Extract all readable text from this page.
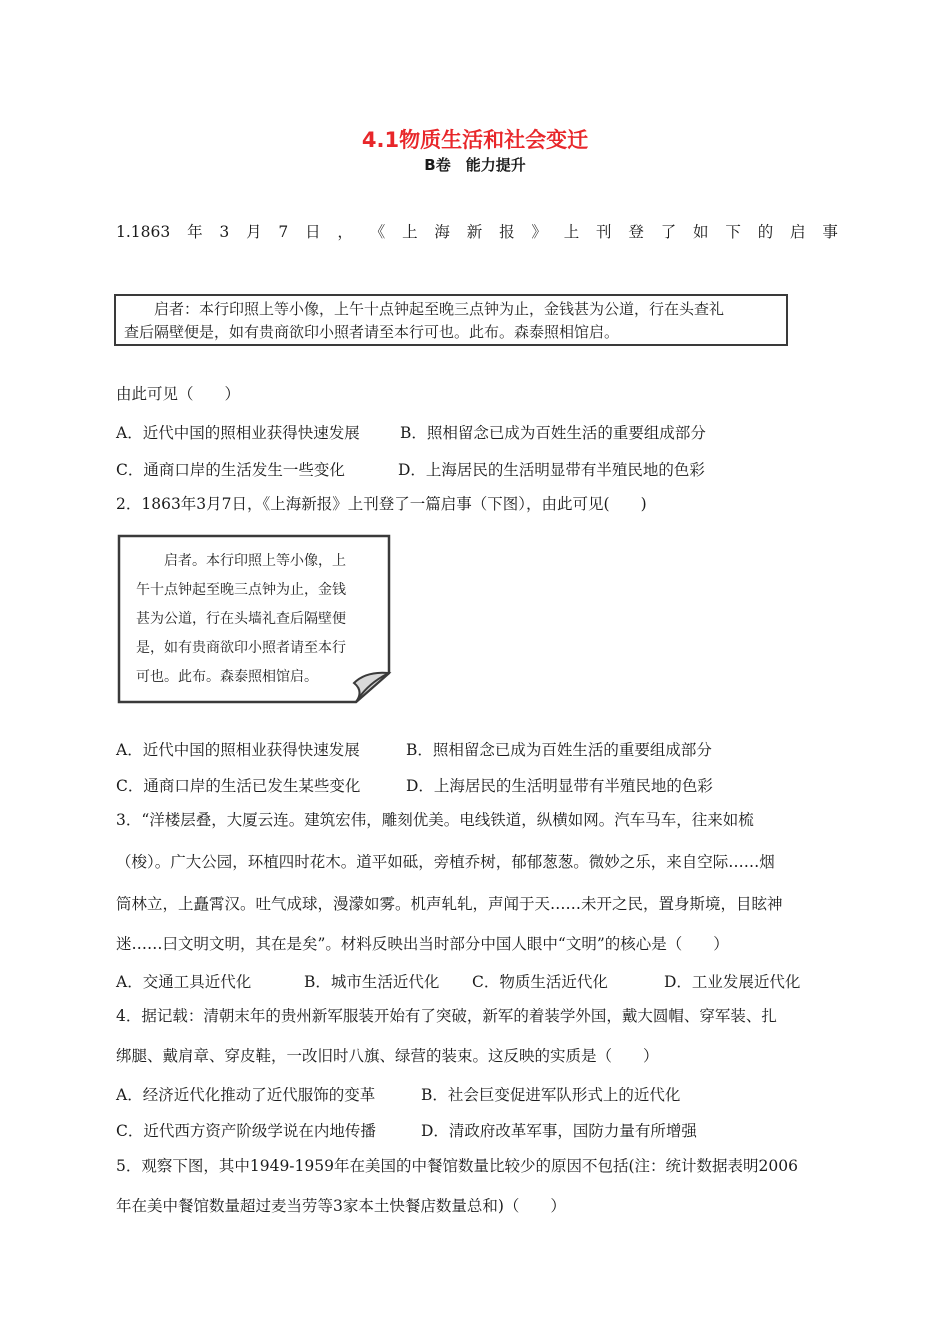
4.1物质生活和社会变迁
B卷　能力提升
1.1863 年 3 月 7 日 ， 《 上 海 新 报 》 上 刊 登 了 如 下 的 启 事
　　启者：本行印照上等小像，上午十点钟起至晚三点钟为止，金钱甚为公道，行在头查礼
查后隔壁便是，如有贵商欲印小照者请至本行可也。此布。森泰照相馆启。
由此可见（　　）
A．近代中国的照相业获得快速发展	B．照相留念已成为百姓生活的重要组成部分
C．通商口岸的生活发生一些变化	D．上海居民的生活明显带有半殖民地的色彩
2．1863年3月7日，《上海新报》上刊登了一篇启事（下图），由此可见(　　)
　　启者。本行印照上等小像，上
午十点钟起至晚三点钟为止，金钱
甚为公道，行在头墙礼查后隔壁便
是，如有贵商欲印小照者请至本行
可也。此布。森泰照相馆启。
A．近代中国的照相业获得快速发展	B．照相留念已成为百姓生活的重要组成部分
C．通商口岸的生活已发生某些变化	D．上海居民的生活明显带有半殖民地的色彩
3．“洋楼层叠，大厦云连。建筑宏伟，雕刻优美。电线铁道，纵横如网。汽车马车，往来如梳
（梭）。广大公园，环植四时花木。道平如砥，旁植乔树，郁郁葱葱。微妙之乐，来自空际……烟
筒林立，上矗霄汉。吐气成球，漫濛如雾。机声轧轧，声闻于天……未开之民，置身斯境，目眩神
迷……曰文明文明，其在是矣”。材料反映出当时部分中国人眼中“文明”的核心是（　　）
A．交通工具近代化	B．城市生活近代化 C．物质生活近代化	D．工业发展近代化
4．据记载：清朝末年的贵州新军服装开始有了突破，新军的着装学外国，戴大圆帽、穿军装、扎
绑腿、戴肩章、穿皮鞋，一改旧时八旗、绿营的装束。这反映的实质是（　　）
A．经济近代化推动了近代服饰的变革	B．社会巨变促进军队形式上的近代化
C．近代西方资产阶级学说在内地传播	D．清政府改革军事，国防力量有所增强
5．观察下图，其中1949-1959年在美国的中餐馆数量比较少的原因不包括(注：统计数据表明2006
年在美中餐馆数量超过麦当劳等3家本土快餐店数量总和)（　　）
